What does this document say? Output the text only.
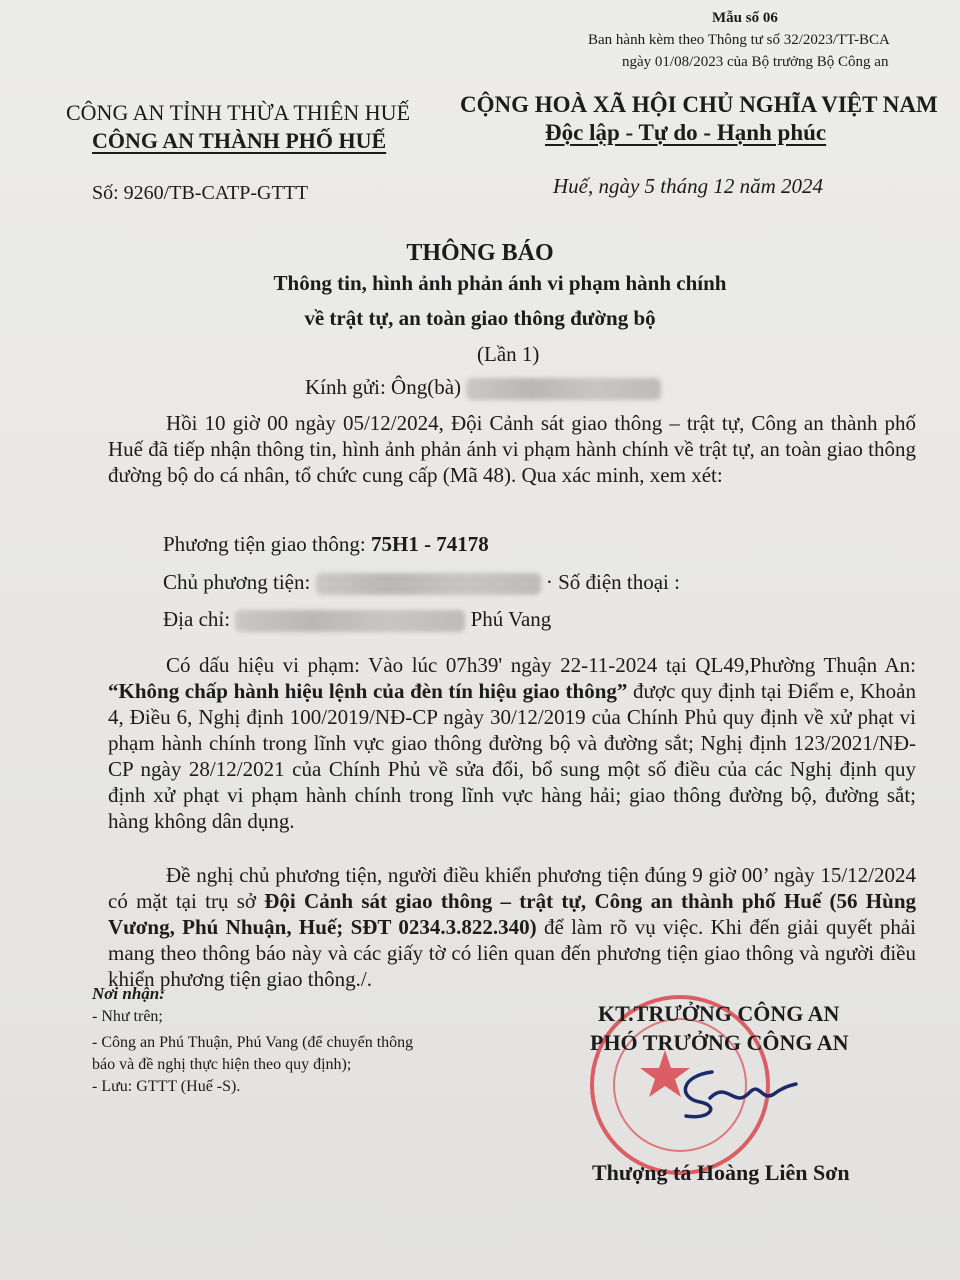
Mẫu số 06
Ban hành kèm theo Thông tư số 32/2023/TT-BCA
ngày 01/08/2023 của Bộ trưởng Bộ Công an
CÔNG AN TỈNH THỪA THIÊN HUẾ
CÔNG AN THÀNH PHỐ HUẾ
CỘNG HOÀ XÃ HỘI CHỦ NGHĨA VIỆT NAM
Độc lập - Tự do - Hạnh phúc
Số: 9260/TB-CATP-GTTT	Huế, ngày 5 tháng 12 năm 2024
THÔNG BÁO
Thông tin, hình ảnh phản ánh vi phạm hành chính
về trật tự, an toàn giao thông đường bộ
(Lần 1)
Kính gửi: Ông(bà)

Hồi 10 giờ 00 ngày 05/12/2024, Đội Cảnh sát giao thông – trật tự, Công an thành phố Huế đã tiếp nhận thông tin, hình ảnh phản ánh vi phạm hành chính về trật tự, an toàn giao thông đường bộ do cá nhân, tổ chức cung cấp (Mã 48). Qua xác minh, xem xét:

Phương tiện giao thông: 75H1 - 74178
Chủ phương tiện:	· Số điện thoại :
Địa chỉ:	Phú Vang

Có dấu hiệu vi phạm: Vào lúc 07h39' ngày 22-11-2024 tại QL49,Phường Thuận An: “Không chấp hành hiệu lệnh của đèn tín hiệu giao thông” được quy định tại Điểm e, Khoản 4, Điều 6, Nghị định 100/2019/NĐ-CP ngày 30/12/2019 của Chính Phủ quy định về xử phạt vi phạm hành chính trong lĩnh vực giao thông đường bộ và đường sắt; Nghị định 123/2021/NĐ-CP ngày 28/12/2021 của Chính Phủ về sửa đổi, bổ sung một số điều của các Nghị định quy định xử phạt vi phạm hành chính trong lĩnh vực hàng hải; giao thông đường bộ, đường sắt; hàng không dân dụng.

Đề nghị chủ phương tiện, người điều khiển phương tiện đúng 9 giờ 00’ ngày 15/12/2024 có mặt tại trụ sở Đội Cảnh sát giao thông – trật tự, Công an thành phố Huế (56 Hùng Vương, Phú Nhuận, Huế; SĐT 0234.3.822.340) để làm rõ vụ việc. Khi đến giải quyết phải mang theo thông báo này và các giấy tờ có liên quan đến phương tiện giao thông và người điều khiển phương tiện giao thông./.

Nơi nhận:
- Như trên;
- Công an Phú Thuận, Phú Vang (để chuyển thông
báo và đề nghị thực hiện theo quy định);
- Lưu: GTTT (Huế -S).
KT.TRƯỞNG CÔNG AN
PHÓ TRƯỞNG CÔNG AN
Thượng tá Hoàng Liên Sơn
